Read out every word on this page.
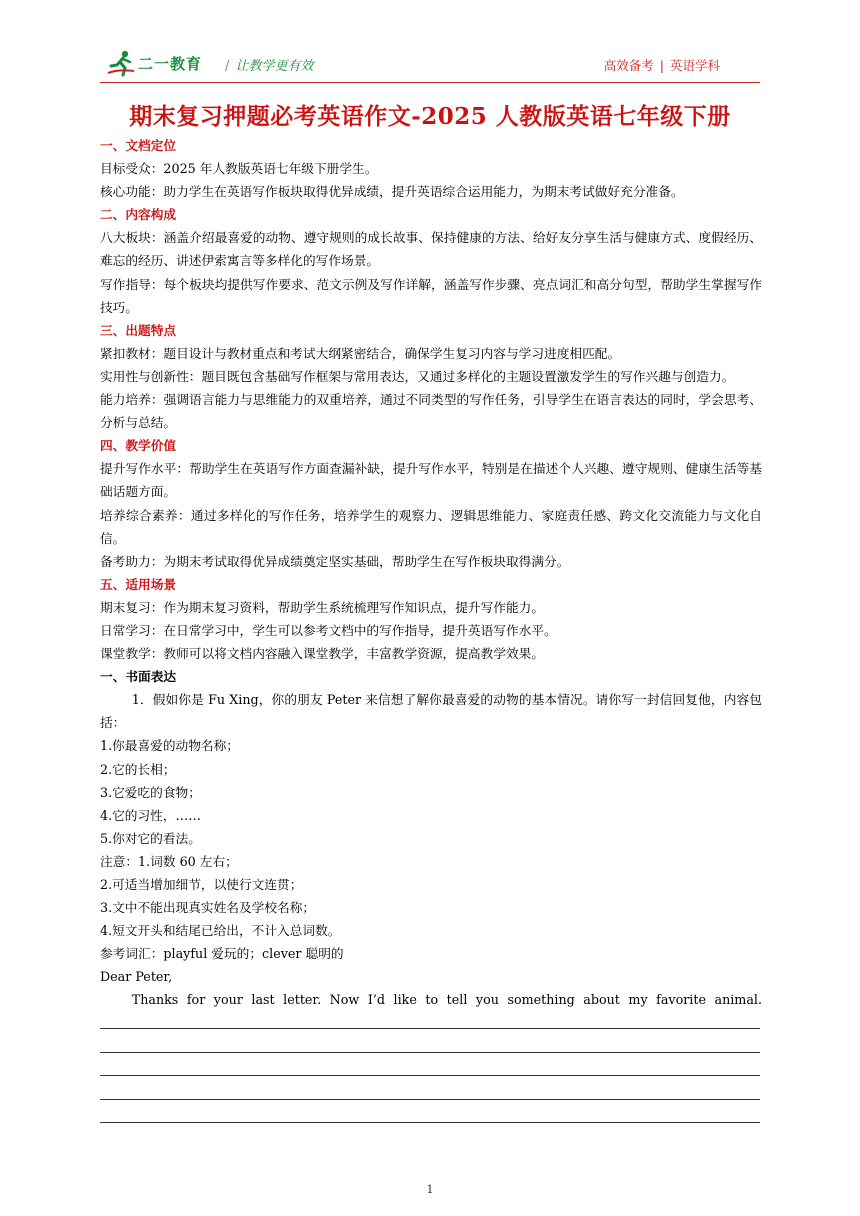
二一教育 / 让教学更有效	高效备考 | 英语学科
期末复习押题必考英语作文-2025 人教版英语七年级下册

一、文档定位

目标受众：2025 年人教版英语七年级下册学生。

核心功能：助力学生在英语写作板块取得优异成绩，提升英语综合运用能力，为期末考试做好充分准备。

二、内容构成

八大板块：涵盖介绍最喜爱的动物、遵守规则的成长故事、保持健康的方法、给好友分享生活与健康方式、度假经历、难忘的经历、讲述伊索寓言等多样化的写作场景。

写作指导：每个板块均提供写作要求、范文示例及写作详解，涵盖写作步骤、亮点词汇和高分句型，帮助学生掌握写作技巧。

三、出题特点

紧扣教材：题目设计与教材重点和考试大纲紧密结合，确保学生复习内容与学习进度相匹配。

实用性与创新性：题目既包含基础写作框架与常用表达，又通过多样化的主题设置激发学生的写作兴趣与创造力。

能力培养：强调语言能力与思维能力的双重培养，通过不同类型的写作任务，引导学生在语言表达的同时，学会思考、分析与总结。

四、教学价值

提升写作水平：帮助学生在英语写作方面查漏补缺，提升写作水平，特别是在描述个人兴趣、遵守规则、健康生活等基础话题方面。

培养综合素养：通过多样化的写作任务，培养学生的观察力、逻辑思维能力、家庭责任感、跨文化交流能力与文化自信。

备考助力：为期末考试取得优异成绩奠定坚实基础，帮助学生在写作板块取得满分。

五、适用场景

期末复习：作为期末复习资料，帮助学生系统梳理写作知识点，提升写作能力。

日常学习：在日常学习中，学生可以参考文档中的写作指导，提升英语写作水平。

课堂教学：教师可以将文档内容融入课堂教学，丰富教学资源，提高教学效果。

一、书面表达

1．假如你是 Fu Xing，你的朋友 Peter 来信想了解你最喜爱的动物的基本情况。请你写一封信回复他，内容包括：

1.你最喜爱的动物名称；

2.它的长相；

3.它爱吃的食物；

4.它的习性，……

5.你对它的看法。

注意：1.词数 60 左右；

2.可适当增加细节，以使行文连贯；

3.文中不能出现真实姓名及学校名称；

4.短文开头和结尾已给出，不计入总词数。

参考词汇：playful 爱玩的；clever 聪明的

Dear Peter,

Thanks for your last letter. Now I’d like to tell you something about my favorite animal.

1
